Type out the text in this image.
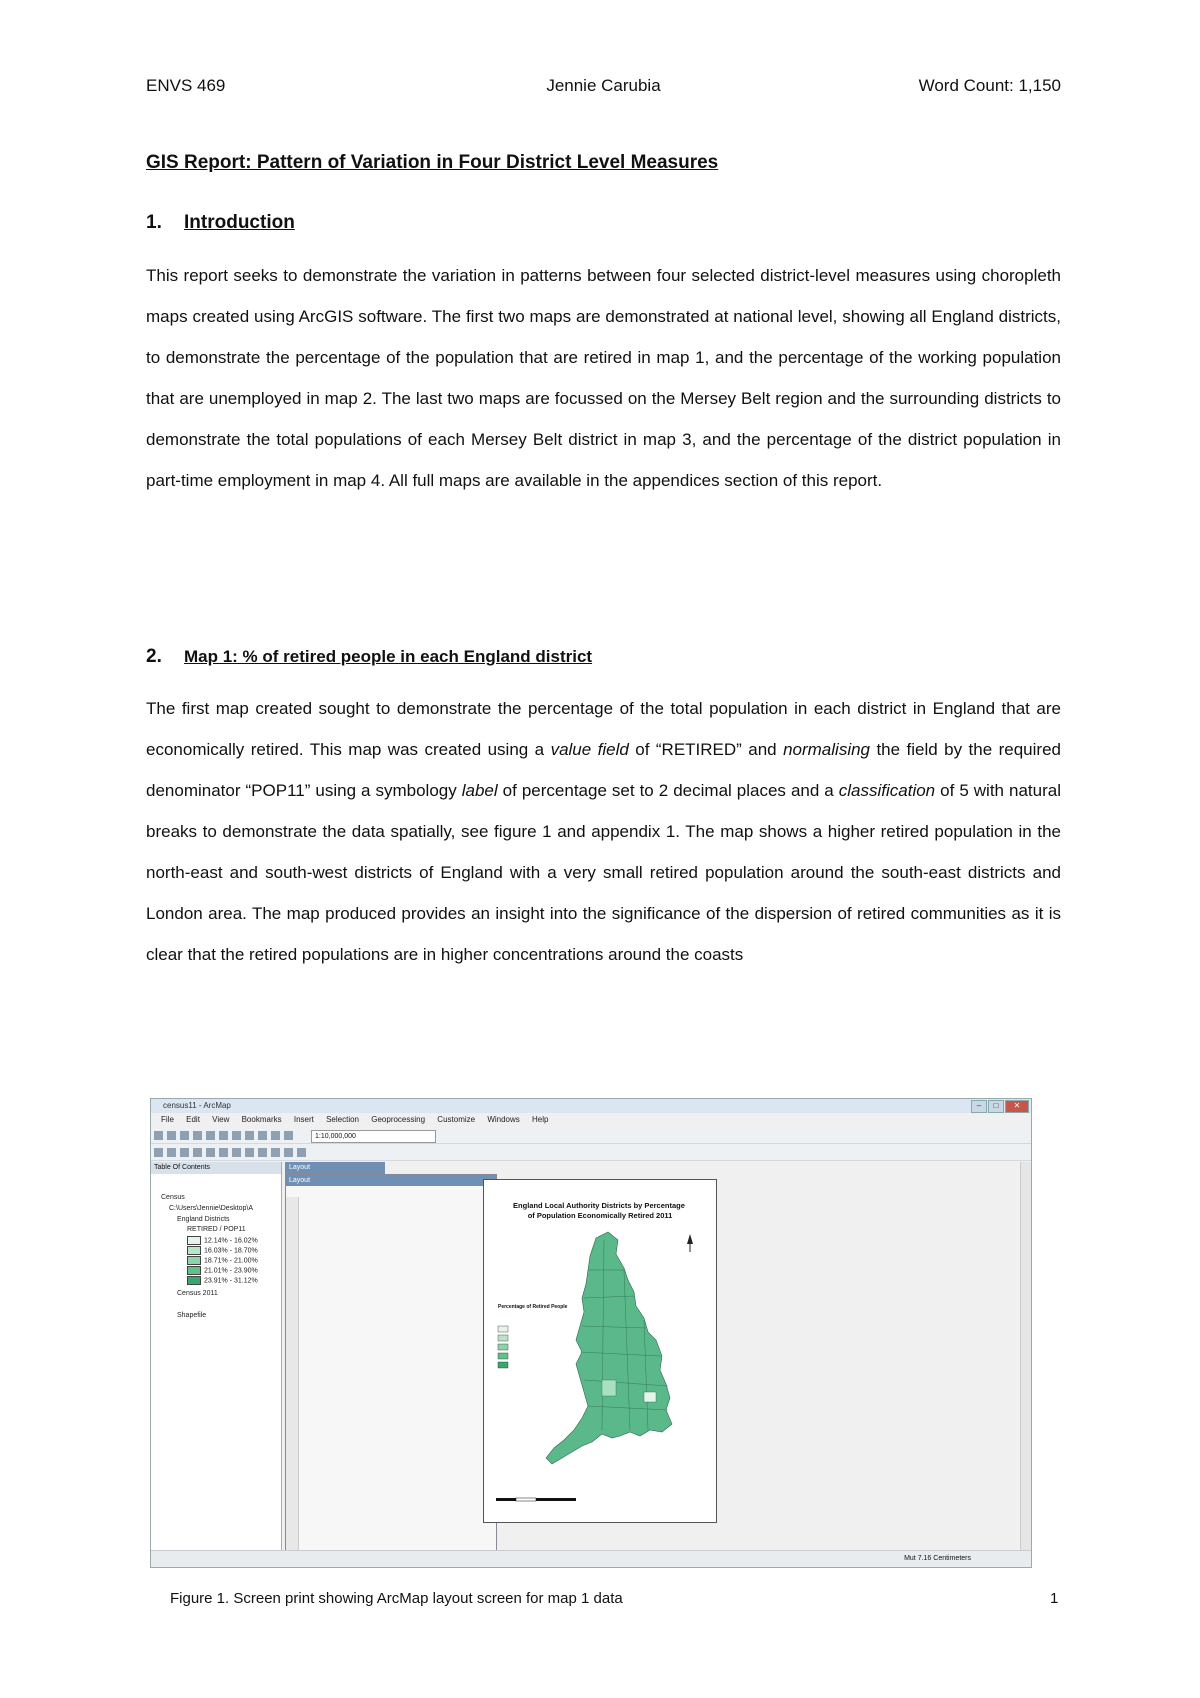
ENVS 469	Jennie Carubia	Word Count: 1,150
GIS Report: Pattern of Variation in Four District Level Measures
1. Introduction

This report seeks to demonstrate the variation in patterns between four selected district-level measures using choropleth maps created using ArcGIS software. The first two maps are demonstrated at national level, showing all England districts, to demonstrate the percentage of the population that are retired in map 1, and the percentage of the working population that are unemployed in map 2. The last two maps are focussed on the Mersey Belt region and the surrounding districts to demonstrate the total populations of each Mersey Belt district in map 3, and the percentage of the district population in part-time employment in map 4. All full maps are available in the appendices section of this report.

2. Map 1: % of retired people in each England district

The first map created sought to demonstrate the percentage of the total population in each district in England that are economically retired. This map was created using a value field of “RETIRED” and normalising the field by the required denominator “POP11” using a symbology label of percentage set to 2 decimal places and a classification of 5 with natural breaks to demonstrate the data spatially, see figure 1 and appendix 1. The map shows a higher retired population in the north-east and south-west districts of England with a very small retired population around the south-east districts and London area. The map produced provides an insight into the significance of the dispersion of retired communities as it is clear that the retired populations are in higher concentrations around the coasts

census11 - ArcMap	–	□	✕
File Edit View Bookmarks Insert Selection Geoprocessing Customize Windows Help
1:10,000,000
Table Of Contents
Census
C:\Users\Jennie\Desktop\A
England Districts
RETIRED / POP11
12.14% - 16.02%
16.03% - 18.70%
18.71% - 21.00%
21.01% - 23.90%
23.91% - 31.12%
Census 2011
Shapefile
Layout
Layout
England Local Authority Districts by Percentage of Population Economically Retired 2011
Percentage of Retired People
Mut 7.16 Centimeters
Figure 1. Screen print showing ArcMap layout screen for map 1 data	1
